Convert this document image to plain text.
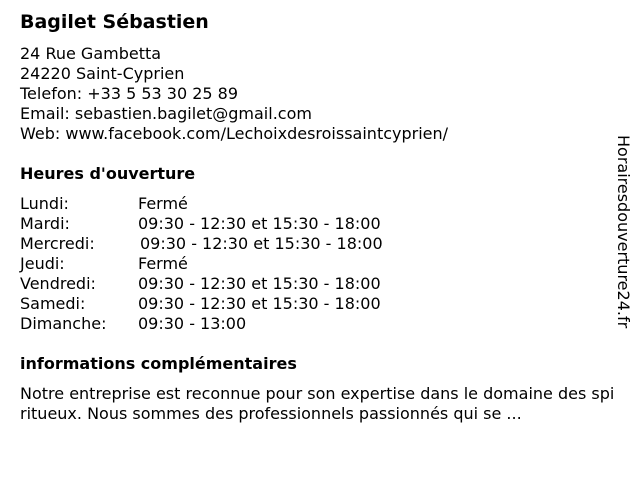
Bagilet Sébastien
24 Rue Gambetta
24220 Saint-Cyprien
Telefon: +33 5 53 30 25 89
Email: sebastien.bagilet@gmail.com
Web: www.facebook.com/Lechoixdesroissaintcyprien/
Heures d'ouverture
Lundi:	Fermé
Mardi:	09:30 - 12:30 et 15:30 - 18:00
Mercredi:	09:30 - 12:30 et 15:30 - 18:00
Jeudi:	Fermé
Vendredi:	09:30 - 12:30 et 15:30 - 18:00
Samedi:	09:30 - 12:30 et 15:30 - 18:00
Dimanche: 09:30 - 13:00
informations complémentaires
Notre entreprise est reconnue pour son expertise dans le domaine des spiritueux. Nous sommes des professionnels passionnés qui se ...
Horairesdouverture24.fr
